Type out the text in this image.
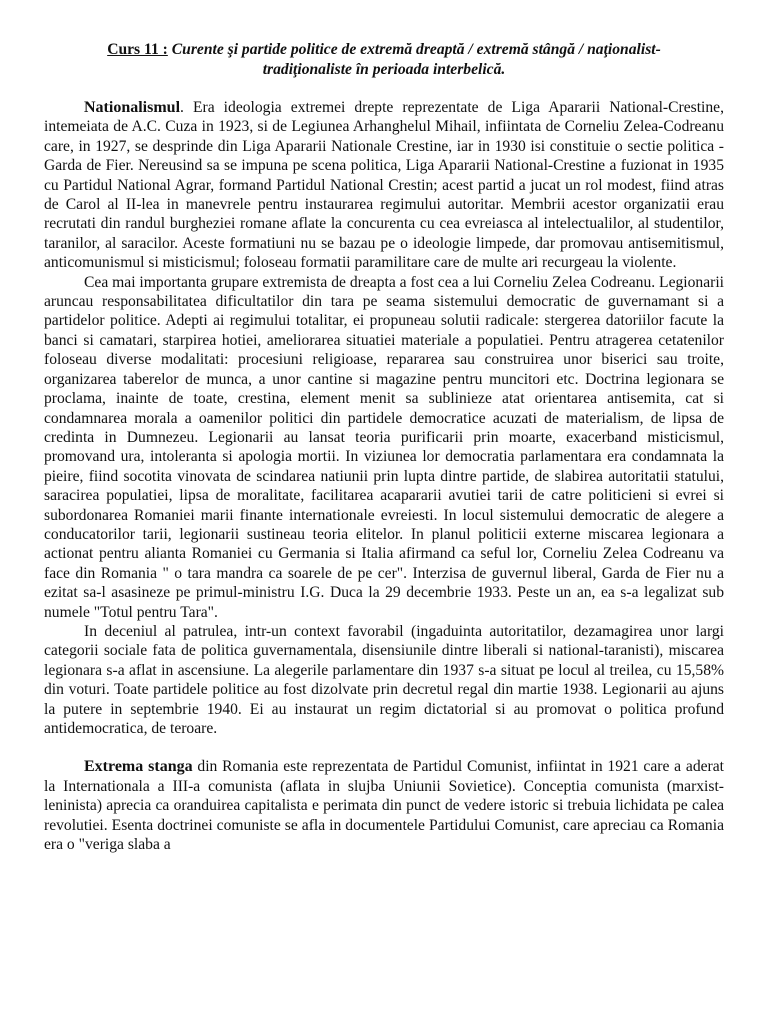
Curs 11 : Curente şi partide politice de extremă dreaptă / extremă stângă / naţionalist-
tradiţionaliste în perioada interbelică.

Nationalismul. Era ideologia extremei drepte reprezentate de Liga Apararii National-Crestine, intemeiata de A.C. Cuza in 1923, si de Legiunea Arhanghelul Mihail, infiintata de Corneliu Zelea-Codreanu care, in 1927, se desprinde din Liga Apararii Nationale Crestine, iar in 1930 isi constituie o sectie politica - Garda de Fier. Nereusind sa se impuna pe scena politica, Liga Apararii National-Crestine a fuzionat in 1935 cu Partidul National Agrar, formand Partidul National Crestin; acest partid a jucat un rol modest, fiind atras de Carol al II-lea in manevrele pentru instaurarea regimului autoritar. Membrii acestor organizatii erau recrutati din randul burgheziei romane aflate la concurenta cu cea evreiasca al intelectualilor, al studentilor, taranilor, al saracilor. Aceste formatiuni nu se bazau pe o ideologie limpede, dar promovau antisemitismul, anticomunismul si misticismul; foloseau formatii paramilitare care de multe ari recurgeau la violente.

Cea mai importanta grupare extremista de dreapta a fost cea a lui Corneliu Zelea Codreanu. Legionarii aruncau responsabilitatea dificultatilor din tara pe seama sistemului democratic de guvernamant si a partidelor politice. Adepti ai regimului totalitar, ei propuneau solutii radicale: stergerea datoriilor facute la banci si camatari, starpirea hotiei, ameliorarea situatiei materiale a populatiei. Pentru atragerea cetatenilor foloseau diverse modalitati: procesiuni religioase, repararea sau construirea unor biserici sau troite, organizarea taberelor de munca, a unor cantine si magazine pentru muncitori etc. Doctrina legionara se proclama, inainte de toate, crestina, element menit sa sublinieze atat orientarea antisemita, cat si condamnarea morala a oamenilor politici din partidele democratice acuzati de materialism, de lipsa de credinta in Dumnezeu. Legionarii au lansat teoria purificarii prin moarte, exacerband misticismul, promovand ura, intoleranta si apologia mortii. In viziunea lor democratia parlamentara era condamnata la pieire, fiind socotita vinovata de scindarea natiunii prin lupta dintre partide, de slabirea autoritatii statului, saracirea populatiei, lipsa de moralitate, facilitarea acapararii avutiei tarii de catre politicieni si evrei si subordonarea Romaniei marii finante internationale evreiesti. In locul sistemului democratic de alegere a conducatorilor tarii, legionarii sustineau teoria elitelor. In planul politicii externe miscarea legionara a actionat pentru alianta Romaniei cu Germania si Italia afirmand ca seful lor, Corneliu Zelea Codreanu va face din Romania " o tara mandra ca soarele de pe cer". Interzisa de guvernul liberal, Garda de Fier nu a ezitat sa-l asasineze pe primul-ministru I.G. Duca la 29 decembrie 1933. Peste un an, ea s-a legalizat sub numele "Totul pentru Tara".

In deceniul al patrulea, intr-un context favorabil (ingaduinta autoritatilor, dezamagirea unor largi categorii sociale fata de politica guvernamentala, disensiunile dintre liberali si national-taranisti), miscarea legionara s-a aflat in ascensiune. La alegerile parlamentare din 1937 s-a situat pe locul al treilea, cu 15,58% din voturi. Toate partidele politice au fost dizolvate prin decretul regal din martie 1938. Legionarii au ajuns la putere in septembrie 1940. Ei au instaurat un regim dictatorial si au promovat o politica profund antidemocratica, de teroare.

Extrema stanga din Romania este reprezentata de Partidul Comunist, infiintat in 1921 care a aderat la Internationala a III-a comunista (aflata in slujba Uniunii Sovietice). Conceptia comunista (marxist-leninista) aprecia ca oranduirea capitalista e perimata din punct de vedere istoric si trebuia lichidata pe calea revolutiei. Esenta doctrinei comuniste se afla in documentele Partidului Comunist, care apreciau ca Romania era o "veriga slaba a
